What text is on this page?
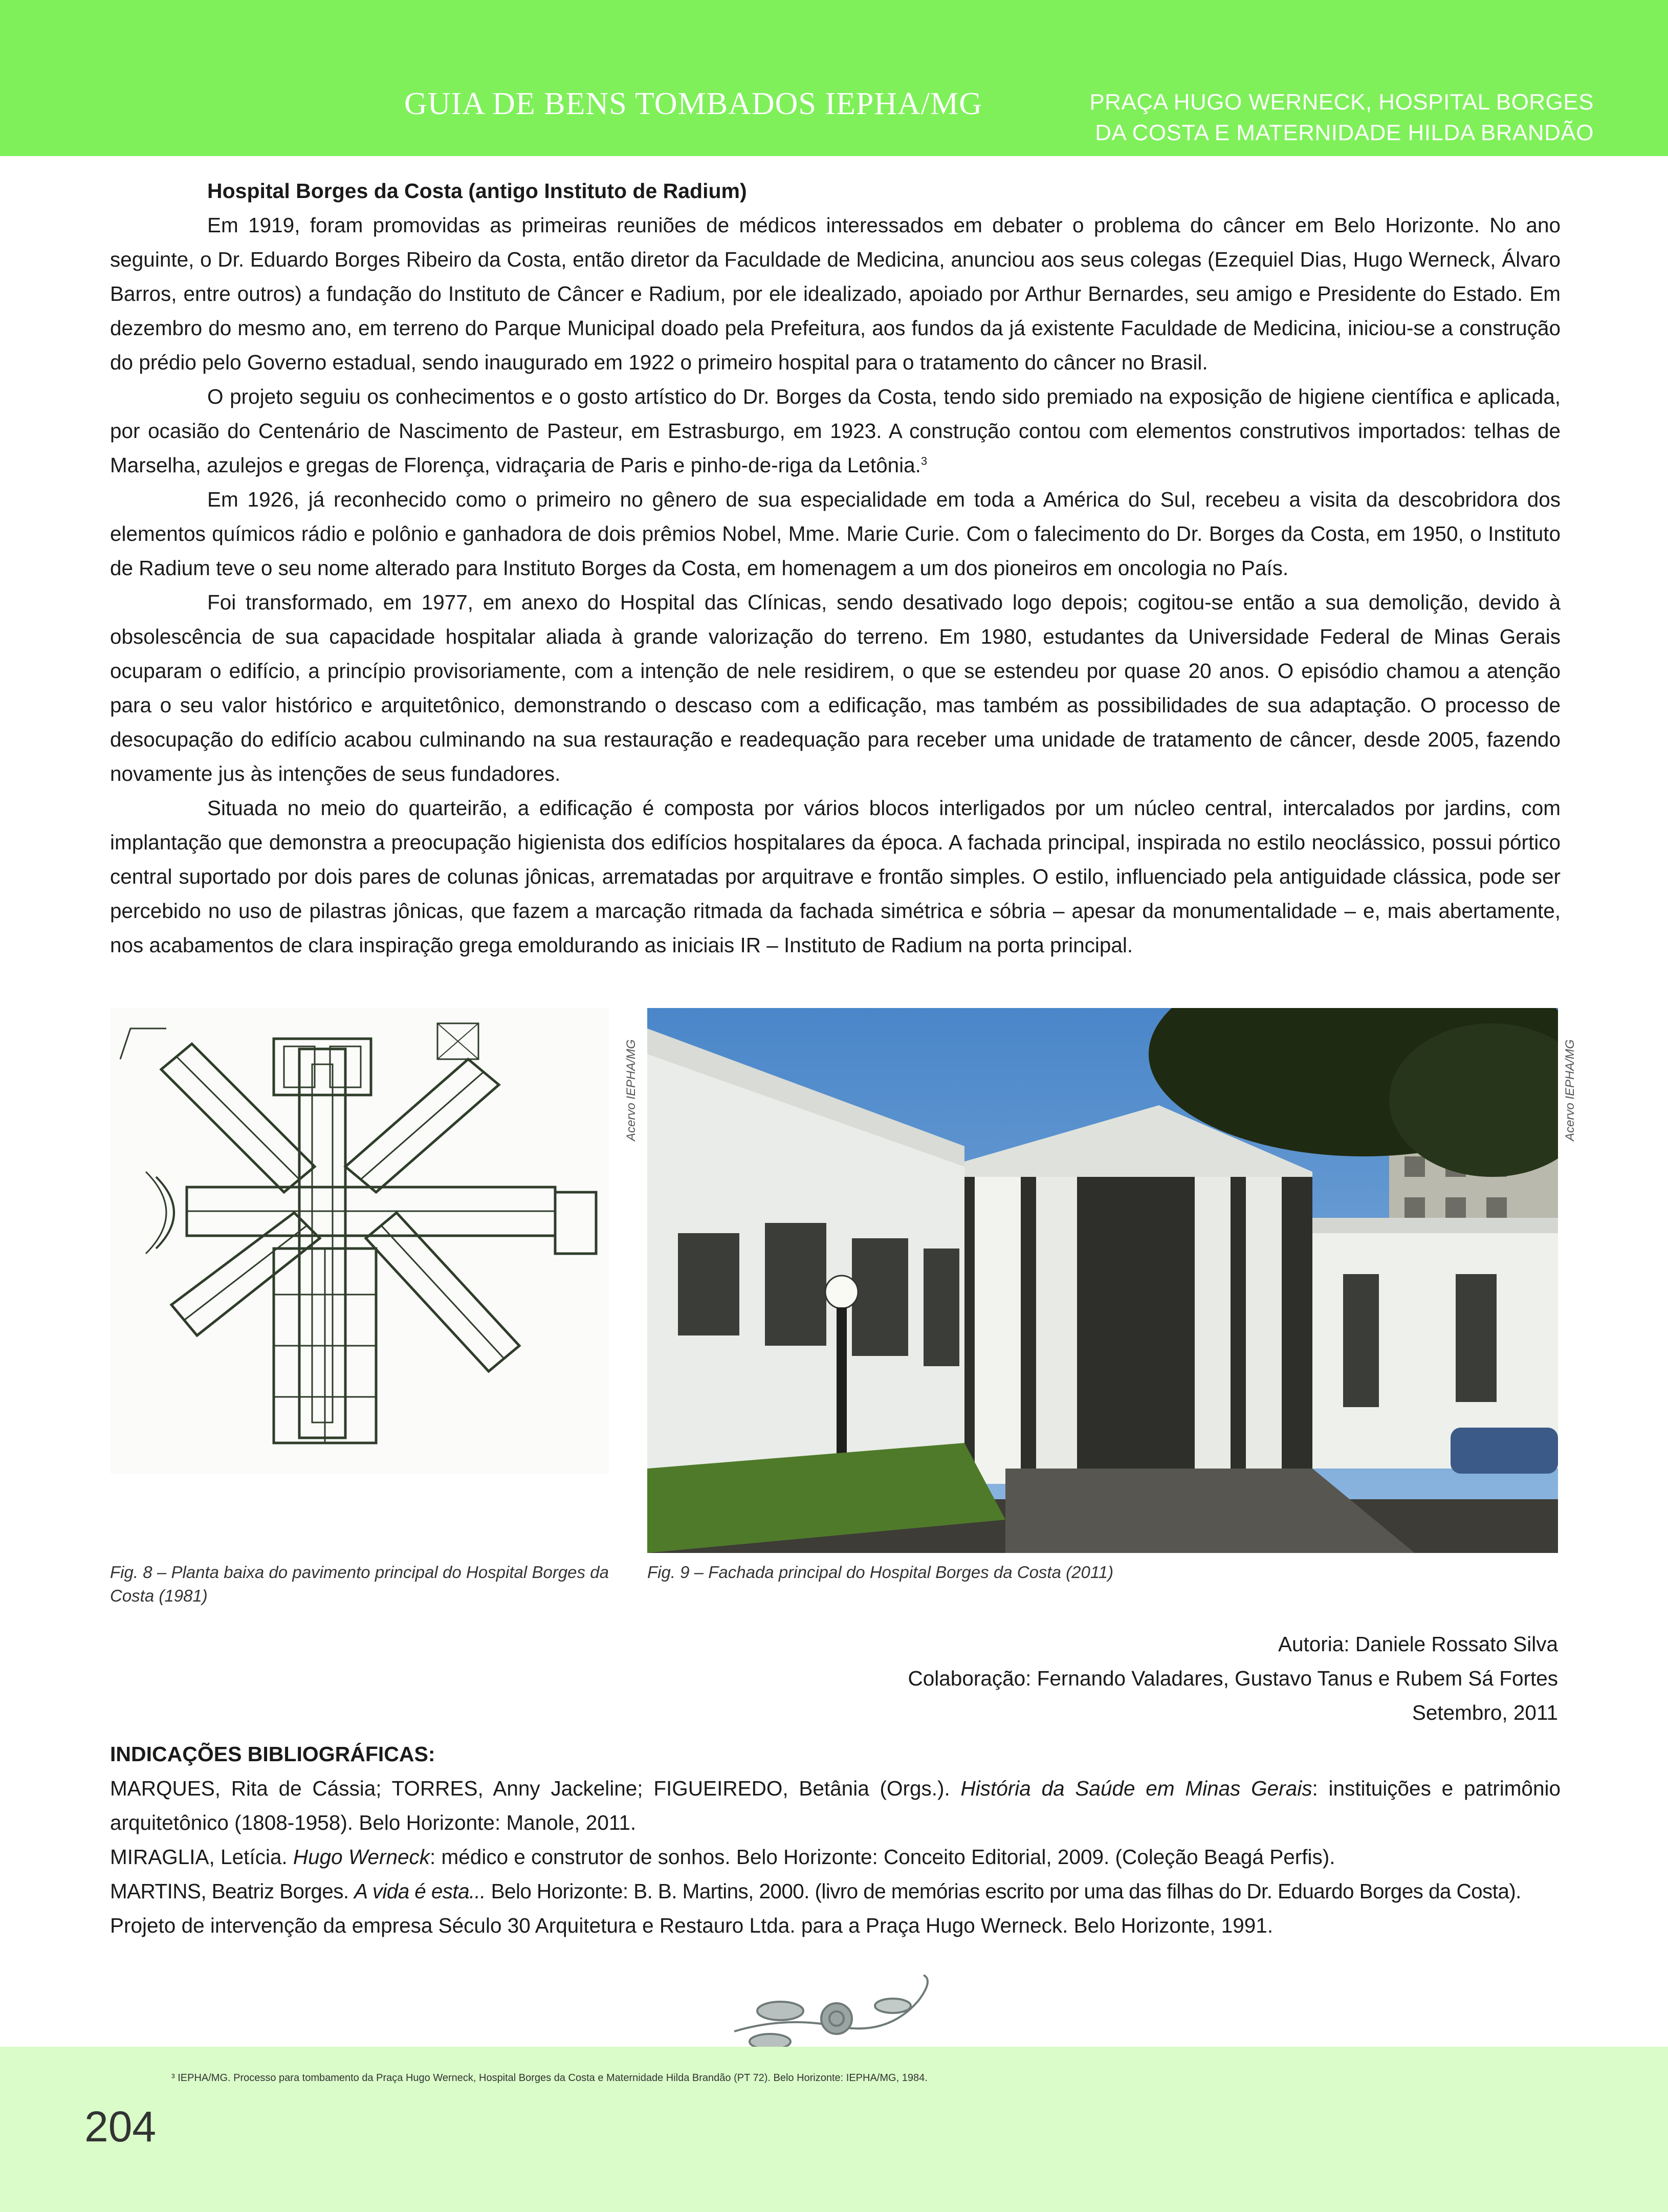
GUIA DE BENS TOMBADOS IEPHA/MG	PRAÇA HUGO WERNECK, HOSPITAL BORGES
DA COSTA E MATERNIDADE HILDA BRANDÃO
Hospital Borges da Costa (antigo Instituto de Radium)

Em 1919, foram promovidas as primeiras reuniões de médicos interessados em debater o problema do câncer em Belo Horizonte. No ano seguinte, o Dr. Eduardo Borges Ribeiro da Costa, então diretor da Faculdade de Medicina, anunciou aos seus colegas (Ezequiel Dias, Hugo Werneck, Álvaro Barros, entre outros) a fundação do Instituto de Câncer e Radium, por ele idealizado, apoiado por Arthur Bernardes, seu amigo e Presidente do Estado. Em dezembro do mesmo ano, em terreno do Parque Municipal doado pela Prefeitura, aos fundos da já existente Faculdade de Medicina, iniciou-se a construção do prédio pelo Governo estadual, sendo inaugurado em 1922 o primeiro hospital para o tratamento do câncer no Brasil.

O projeto seguiu os conhecimentos e o gosto artístico do Dr. Borges da Costa, tendo sido premiado na exposição de higiene científica e aplicada, por ocasião do Centenário de Nascimento de Pasteur, em Estrasburgo, em 1923. A construção contou com elementos construtivos importados: telhas de Marselha, azulejos e gregas de Florença, vidraçaria de Paris e pinho-de-riga da Letônia.$^3$

Em 1926, já reconhecido como o primeiro no gênero de sua especialidade em toda a América do Sul, recebeu a visita da descobridora dos elementos químicos rádio e polônio e ganhadora de dois prêmios Nobel, Mme. Marie Curie. Com o falecimento do Dr. Borges da Costa, em 1950, o Instituto de Radium teve o seu nome alterado para Instituto Borges da Costa, em homenagem a um dos pioneiros em oncologia no País.

Foi transformado, em 1977, em anexo do Hospital das Clínicas, sendo desativado logo depois; cogitou-se então a sua demolição, devido à obsolescência de sua capacidade hospitalar aliada à grande valorização do terreno. Em 1980, estudantes da Universidade Federal de Minas Gerais ocuparam o edifício, a princípio provisoriamente, com a intenção de nele residirem, o que se estendeu por quase 20 anos. O episódio chamou a atenção para o seu valor histórico e arquitetônico, demonstrando o descaso com a edificação, mas também as possibilidades de sua adaptação. O processo de desocupação do edifício acabou culminando na sua restauração e readequação para receber uma unidade de tratamento de câncer, desde 2005, fazendo novamente jus às intenções de seus fundadores.

Situada no meio do quarteirão, a edificação é composta por vários blocos interligados por um núcleo central, intercalados por jardins, com implantação que demonstra a preocupação higienista dos edifícios hospitalares da época. A fachada principal, inspirada no estilo neoclássico, possui pórtico central suportado por dois pares de colunas jônicas, arrematadas por arquitrave e frontão simples. O estilo, influenciado pela antiguidade clássica, pode ser percebido no uso de pilastras jônicas, que fazem a marcação ritmada da fachada simétrica e sóbria – apesar da monumentalidade – e, mais abertamente, nos acabamentos de clara inspiração grega emoldurando as iniciais IR – Instituto de Radium na porta principal.

Acervo IEPHA/MG	Acervo IEPHA/MG
Fig. 8 – Planta baixa do pavimento principal do Hospital Borges da Costa (1981)
Fig. 9 – Fachada principal do Hospital Borges da Costa (2011)
Autoria: Daniele Rossato Silva
Colaboração: Fernando Valadares, Gustavo Tanus e Rubem Sá Fortes
Setembro, 2011
INDICAÇÕES BIBLIOGRÁFICAS:

MARQUES, Rita de Cássia; TORRES, Anny Jackeline; FIGUEIREDO, Betânia (Orgs.). História da Saúde em Minas Gerais: instituições e patrimônio arquitetônico (1808-1958). Belo Horizonte: Manole, 2011.

MIRAGLIA, Letícia. Hugo Werneck: médico e construtor de sonhos. Belo Horizonte: Conceito Editorial, 2009. (Coleção Beagá Perfis).

MARTINS, Beatriz Borges. A vida é esta... Belo Horizonte: B. B. Martins, 2000. (livro de memórias escrito por uma das filhas do Dr. Eduardo Borges da Costa).

Projeto de intervenção da empresa Século 30 Arquitetura e Restauro Ltda. para a Praça Hugo Werneck. Belo Horizonte, 1991.

³ IEPHA/MG. Processo para tombamento da Praça Hugo Werneck, Hospital Borges da Costa e Maternidade Hilda Brandão (PT 72). Belo Horizonte: IEPHA/MG, 1984.
204
